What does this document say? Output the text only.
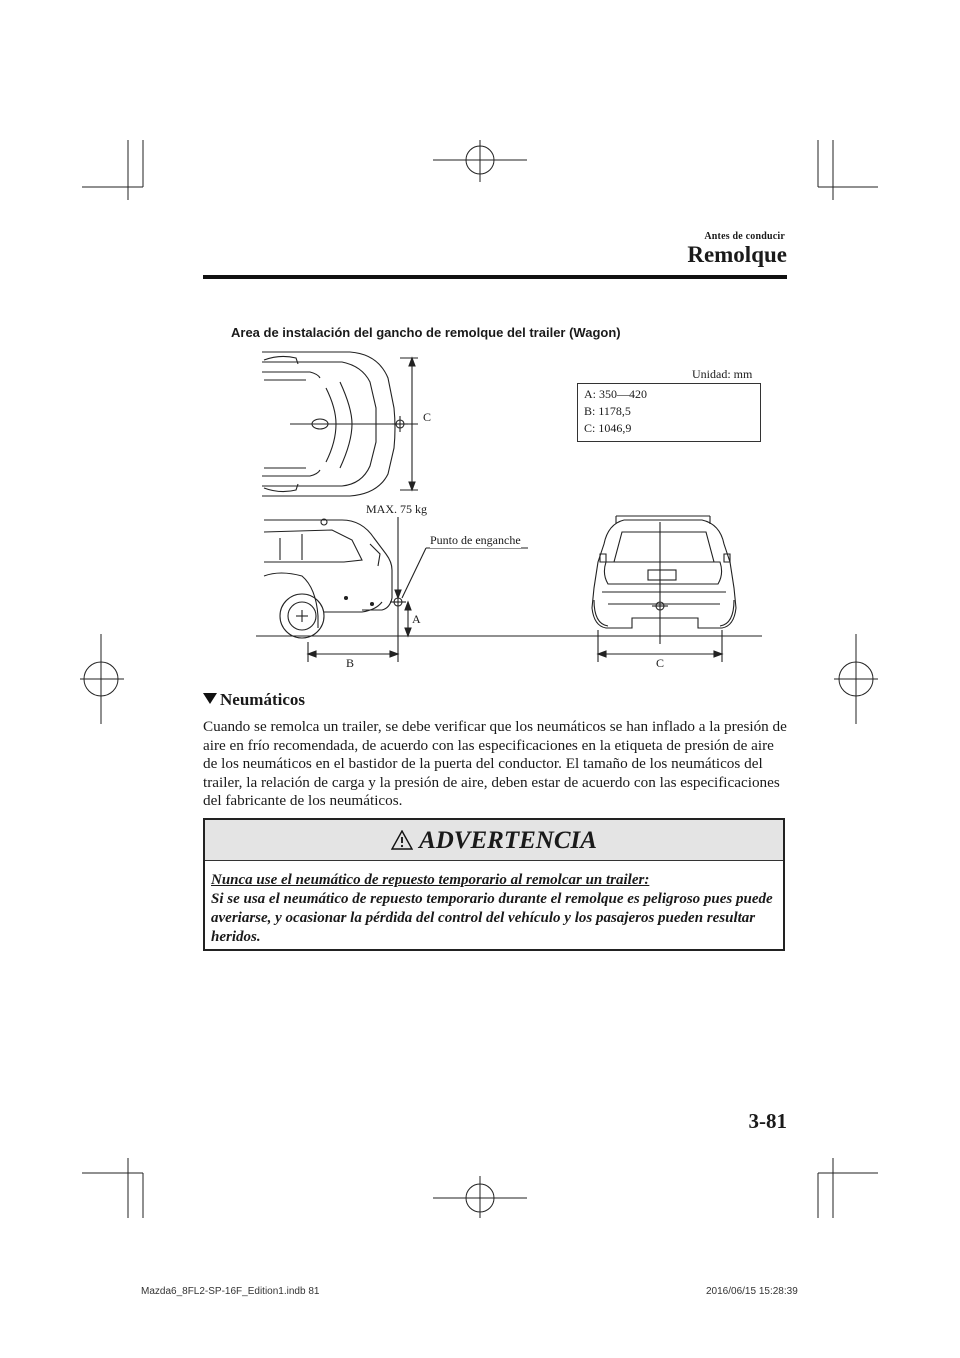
Antes de conducir
Remolque
Area de instalación del gancho de remolque del trailer (Wagon)
Unidad: mm
A: 350—420
B: 1178,5
C: 1046,9
C
MAX. 75 kg
Punto de enganche
A
B	C
Neumáticos
Cuando se remolca un trailer, se debe verificar que los neumáticos se han inflado a la presión de aire en frío recomendada, de acuerdo con las especificaciones en la etiqueta de presión de aire de los neumáticos en el bastidor de la puerta del conductor. El tamaño de los neumáticos del trailer, la relación de carga y la presión de aire, deben estar de acuerdo con las especificaciones del fabricante de los neumáticos.
ADVERTENCIA
Nunca use el neumático de repuesto temporario al remolcar un trailer:
Si se usa el neumático de repuesto temporario durante el remolque es peligroso pues puede averiarse, y ocasionar la pérdida del control del vehículo y los pasajeros pueden resultar heridos.
3-81
Mazda6_8FL2-SP-16F_Edition1.indb 81	2016/06/15 15:28:39
